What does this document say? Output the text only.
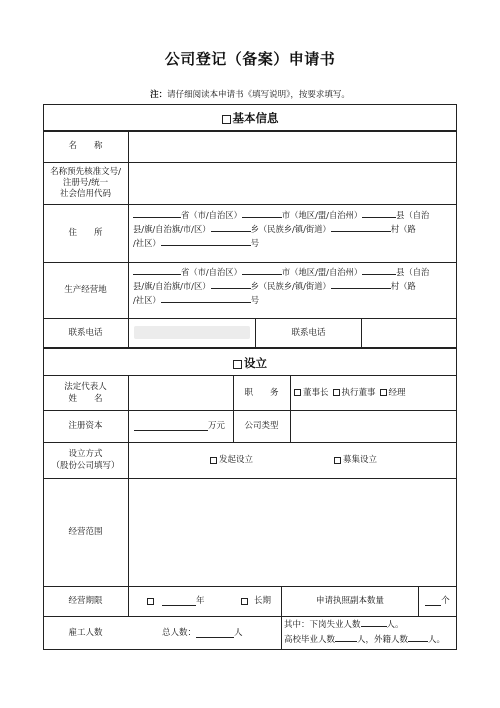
公司登记（备案）申请书
注：请仔细阅读本申请书《填写说明》，按要求填写。
基本信息
名　　称
名称预先核准文号/
注册号/统一
社会信用代码
住　　所
省（市/自治区）	市（地区/盟/自治州）	县（自治
县/旗/自治旗/市/区）	乡（民族乡/镇/街道）	村（路
/社区）	号
生产经营地
省（市/自治区）	市（地区/盟/自治州）	县（自治
县/旗/自治旗/市/区）	乡（民族乡/镇/街道）	村（路
/社区）	号
联系电话	联系电话
设立
法定代表人
姓　　名
职　　务	董事长 执行董事 经理
注册资本	万元	公司类型
设立方式
（股份公司填写）
发起设立	募集设立
经营范围
经营期限	年	长期	申请执照副本数量	个
雇工人数	总人数：	人
其中：下岗失业人数	人。
高校毕业人数	人，外籍人数 人。
